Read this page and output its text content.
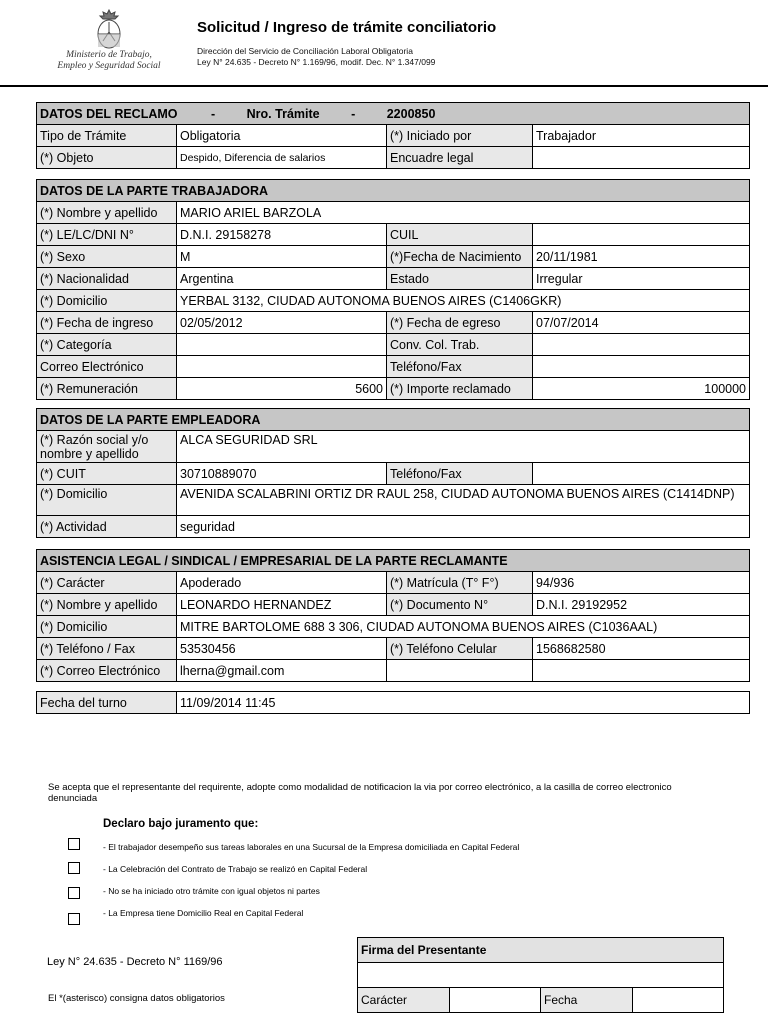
Ministerio de Trabajo,
Empleo y Seguridad Social
Solicitud / Ingreso de trámite conciliatorio
Dirección del Servicio de Conciliación Laboral Obligatoria
Ley N° 24.635 - Decreto N° 1.169/96, modif. Dec. N° 1.347/099
DATOS DEL RECLAMO - Nro. Trámite - 2200850			
Tipo de Trámite	Obligatoria	(*) Iniciado por	Trabajador
(*) Objeto	Despido, Diferencia de salarios	Encuadre legal	
DATOS DE LA PARTE TRABAJADORA			
(*) Nombre y apellido	MARIO ARIEL BARZOLA		
(*) LE/LC/DNI N°	D.N.I. 29158278	CUIL	
(*) Sexo	M	(*)Fecha de Nacimiento	20/11/1981
(*) Nacionalidad	Argentina	Estado	Irregular
(*) Domicilio	YERBAL 3132, CIUDAD AUTONOMA BUENOS AIRES (C1406GKR)		
(*) Fecha de ingreso	02/05/2012	(*) Fecha de egreso	07/07/2014
(*) Categoría		Conv. Col. Trab.	
Correo Electrónico		Teléfono/Fax	
(*) Remuneración	5600	(*) Importe reclamado	100000
DATOS DE LA PARTE EMPLEADORA			
(*) Razón social y/o nombre y apellido	ALCA SEGURIDAD SRL		
(*) CUIT	30710889070	Teléfono/Fax	
(*) Domicilio	AVENIDA SCALABRINI ORTIZ DR RAUL 258, CIUDAD AUTONOMA BUENOS AIRES (C1414DNP)		
(*) Actividad	seguridad		
ASISTENCIA LEGAL / SINDICAL / EMPRESARIAL DE LA PARTE RECLAMANTE			
(*) Carácter	Apoderado	(*) Matrícula (T° F°)	94/936
(*) Nombre y apellido	LEONARDO HERNANDEZ	(*) Documento N°	D.N.I. 29192952
(*) Domicilio	MITRE BARTOLOME 688 3 306, CIUDAD AUTONOMA BUENOS AIRES (C1036AAL)		
(*) Teléfono / Fax	53530456	(*) Teléfono Celular	1568682580
(*) Correo Electrónico	lherna@gmail.com		
Fecha del turno	11/09/2014 11:45
Se acepta que el representante del requirente, adopte como modalidad de notificacion la via por correo electrónico, a la casilla de correo electronico denunciada
Declaro bajo juramento que:
- El trabajador desempeño sus tareas laborales en una Sucursal de la Empresa domiciliada en Capital Federal
- La Celebración del Contrato de Trabajo se realizó en Capital Federal
- No se ha iniciado otro trámite con igual objetos ni partes
- La Empresa tiene Domicilio Real en Capital Federal
Ley N° 24.635 - Decreto N° 1169/96
El *(asterisco) consigna datos obligatorios
Firma del Presentante

Carácter		Fecha	
